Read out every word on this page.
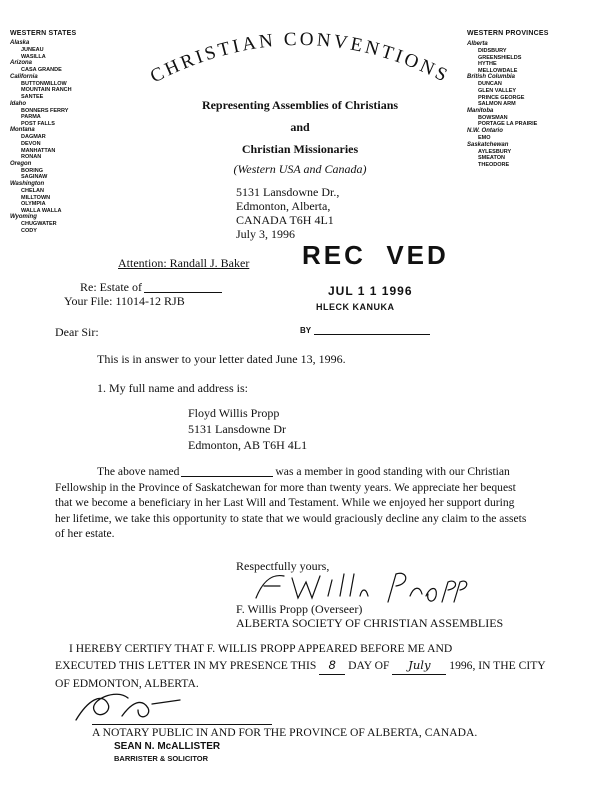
WESTERN STATES
Alaska
JUNEAU
WASILLA
Arizona
CASA GRANDE
California
BUTTONWILLOW
MOUNTAIN RANCH
SANTEE
Idaho
BONNERS FERRY
PARMA
POST FALLS
Montana
DAGMAR
DEVON
MANHATTAN
RONAN
Oregon
BORING
SAGINAW
Washington
CHELAN
MILLTOWN
OLYMPIA
WALLA WALLA
Wyoming
CHUGWATER
CODY
WESTERN PROVINCES
Alberta
DIDSBURY
GREENSHIELDS
HYTHE
MELLOWDALE
British Columbia
DUNCAN
GLEN VALLEY
PRINCE GEORGE
SALMON ARM
Manitoba
BOWSMAN
PORTAGE LA PRAIRIE
N.W. Ontario
EMO
Saskatchewan
AYLESBURY
SMEATON
THEODORE
CHRISTIAN CONVENTIONS
Representing Assemblies of Christians
and
Christian Missionaries
(Western USA and Canada)
5131 Lansdowne Dr.,
Edmonton, Alberta,
CANADA T6H 4L1
July 3, 1996
Attention: Randall J. Baker REC  VED
JUL 1 1 1996
HLECK KANUKA
BY
Re: Estate of
Your File: 11014-12 RJB
Dear Sir:
This is in answer to your letter dated June 13, 1996.
1. My full name and address is:
Floyd Willis Propp
5131 Lansdowne Dr
Edmonton, AB T6H 4L1
The above named	was a member in good standing with our Christian
Fellowship in the Province of Saskatchewan for more than twenty years. We appreciate her bequest
that we become a beneficiary in her Last Will and Testament. While we enjoyed her support during
her lifetime, we take this opportunity to state that we would graciously decline any claim to the assets
of her estate.
Respectfully yours,
F. Willis Propp (Overseer)
ALBERTA SOCIETY OF CHRISTIAN ASSEMBLIES
I HEREBY CERTIFY THAT F. WILLIS PROPP APPEARED BEFORE ME AND
EXECUTED THIS LETTER IN MY PRESENCE THIS 8 DAY OF July 1996, IN THE CITY
OF EDMONTON, ALBERTA.
A NOTARY PUBLIC IN AND FOR THE PROVINCE OF ALBERTA, CANADA.
SEAN N. McALLISTER
BARRISTER & SOLICITOR
